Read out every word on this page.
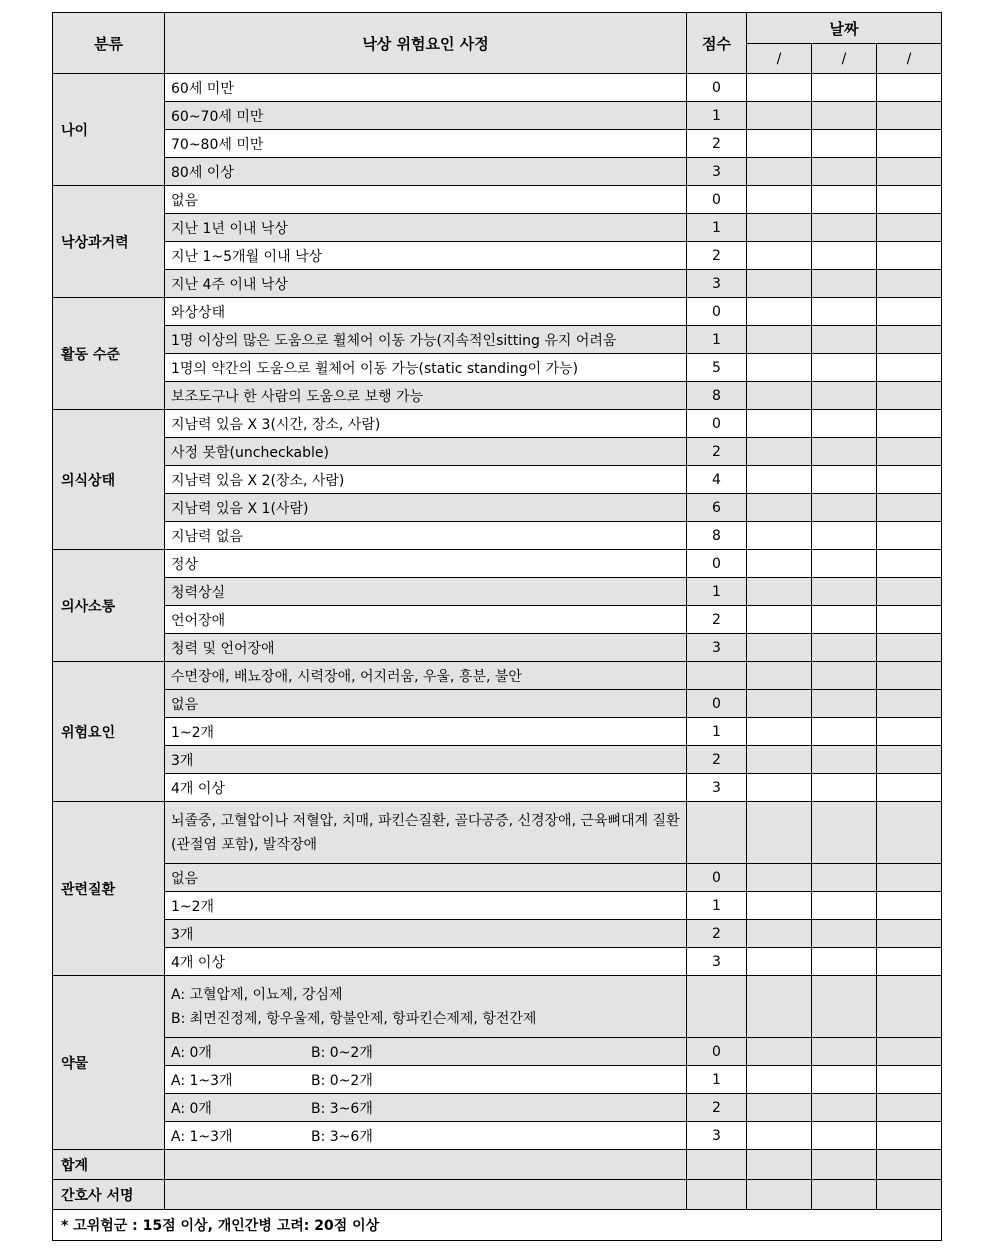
분류	낙상 위험요인 사정	점수	날짜		
			/	/	/
나이	60세 미만	0			
	60~70세 미만	1			
	70~80세 미만	2			
	80세 이상	3			
낙상과거력	없음	0			
	지난 1년 이내 낙상	1			
	지난 1~5개월 이내 낙상	2			
	지난 4주 이내 낙상	3			
활동 수준	와상상태	0			
	1명 이상의 많은 도움으로 휠체어 이동 가능(지속적인sitting 유지 어려움	1			
	1명의 약간의 도움으로 휠체어 이동 가능(static standing이 가능)	5			
	보조도구나 한 사람의 도움으로 보행 가능	8			
의식상태	지남력 있음 X 3(시간, 장소, 사람)	0			
	사정 못함(uncheckable)	2			
	지남력 있음 X 2(장소, 사람)	4			
	지남력 있음 X 1(사람)	6			
	지남력 없음	8			
의사소통	정상	0			
	청력상실	1			
	언어장애	2			
	청력 및 언어장애	3			
위험요인	수면장애, 배뇨장애, 시력장애, 어지러움, 우울, 흥분, 불안				
	없음	0			
	1~2개	1			
	3개	2			
	4개 이상	3			
관련질환	뇌졸중, 고혈압이나 저혈압, 치매, 파킨슨질환, 골다공증, 신경장애, 근육뼈대계 질환(관절염 포함), 발작장애				
	없음	0			
	1~2개	1			
	3개	2			
	4개 이상	3			
약물	A: 고혈압제, 이뇨제, 강심제
B: 최면진정제, 항우울제, 항불안제, 항파킨슨제제, 항전간제				

	A: 0개 B: 0~2개	0			
	A: 1~3개 B: 0~2개	1			
	A: 0개 B: 3~6개	2			
	A: 1~3개 B: 3~6개	3			
합계					
간호사 서명					
* 고위험군 : 15점 이상, 개인간병 고려: 20점 이상					
